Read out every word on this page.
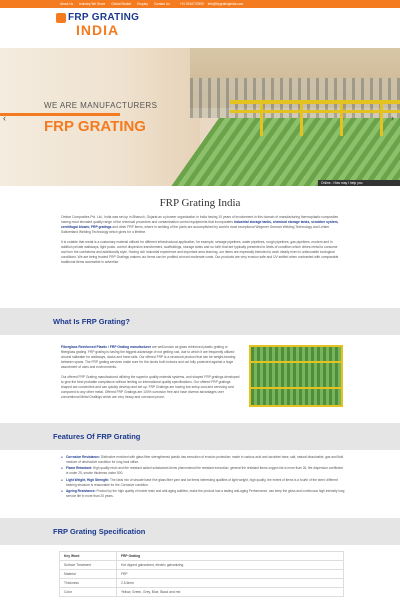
About Us Industry We Serve Global Market Enquiry Contact Us	+91 9016737890 info@frpgratingindia.com
FRP GRATING
INDIA
WE ARE MANUFACTURERS
FRP GRATING
‹	›
Online - How may I help you
FRP Grating India

Ombar Composites Pvt. Ltd., India was set up in Bharuch, Gujarat as a pioneer organization in India having 10 years of involvement in this domain of manufacturing thermoplastic composites having most elevated quality range of the chemical procedure and contamination control equipments that incorporates industrial storage tanks, chemical storage tanks, scrubber system, centrifugal blower, FRP gratings and other FRP items, where in welding of the joints are accomplished by world's most exceptional Wegener German Welding Technology and Leister Switzerland Welding Technology which gives for a lifetime.

It is notable that metal is a customary material utilized for different infrastructural application, for example, sewage pipelines, water pipelines, rough pipelines, gas pipelines, modern and in addition private walkways, light posts, control dispersion transformers, scaffoldings, storage tanks and so forth that are typically presented to limits of condition which drives metal to consume and turn the usefulness and additionally style. Having rich industrial experience and important area learning, our items are especially intended to work ideally even in unfavorable ecological conditions. We are being trusted FRP Gratings makers our items can be profited at most moderate costs. Our products are very erosion safe and UV settled when contrasted with comparable traditional items accessible in advertise.

What Is FRP Grating?

Fiberglass Reinforced Plastic / FRP Grating manufacturer are well-known as glass reinforced plastic grating or fiberglass grating. FRP grating is having the biggest advantage of not getting rust, due to which it are frequently utilized around saltwater for walkways, docks and hand rails. Our offered FRP is a structural product that can be weight-bearing between spans. The FRP grating services make sure for the docks both indoors and out fully protected against a huge assortment of uses and environments.

Our offered FRP Grating manufactured utilizing the superior quality material systems, and shaped FRP gratings developed to give the best probable compliance without limiting on international quality specifications. Our offered FRP gratings shaped are convenient and can quickly develop and set up. FRP Gratings are having low setup cost and servicing cost compared to any other metal. Offered FRP Gratings are 100% corrosion free and have diverse advantages over conventional Metal Gratings which are very heavy and corrosion prone.

Features Of FRP Grating
● Corrosion Resistance: Distinctive enriched with glass fiber strengthened plastic has execution of erosion protection; made in various acid and scrubber base, salt, natural dissolvable, gas and fluid medium of destructive condition for long haul utilize.
● Flame Retardant: High quality resin and fire resistant added substances items phenomenal fire resistant execution; general the resistant items oxygen list is more than 26, fire dispersion coefficient is under 25, smoke thickness under 500.
● Light Weight, High Strength: The ideal mix of sinuate base fine glass fiber yarn and tar items interesting qualities of light weight, high quality, the extent of items is a fourth of the steel; different bearing structure is reasonable for the Corrosive condition.
● Ageing Resistance: Product by the high quality of matrix resin and anti-aging additive, make the product has a lasting anti-aging Performance, can keep the gloss and continuous high intensity long service life in more than 20 years.
FRP Grating Specification
Key Word	FRP Grating
Surface Treatment	Hot dipped galvanized, electric galvanizing
Material	FRP
Thickness	2.5-6mm
Color	Yellow, Green, Grey, Blue, Black and red
